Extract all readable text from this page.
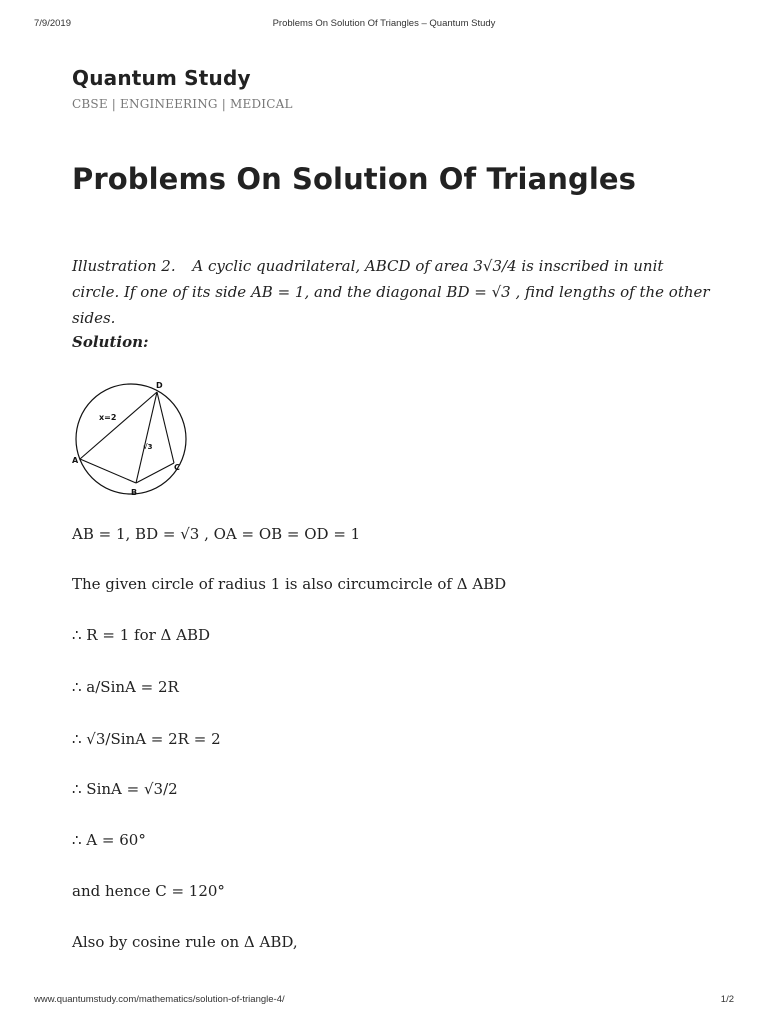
7/9/2019	Problems On Solution Of Triangles – Quantum Study
Quantum Study
CBSE | ENGINEERING | MEDICAL
Problems On Solution Of Triangles
Illustration 2. A cyclic quadrilateral, ABCD of area 3√3/4 is inscribed in unit circle. If one of its side AB = 1, and the diagonal BD = √3 , find lengths of the other sides.
Solution:
D
A
B
C
x=2
√3
AB = 1, BD = √3 , OA = OB = OD = 1
The given circle of radius 1 is also circumcircle of Δ ABD
∴ R = 1 for Δ ABD
∴ a/SinA = 2R
∴ √3/SinA = 2R = 2
∴ SinA = √3/2
∴ A = 60°
and hence C = 120°
Also by cosine rule on Δ ABD,
www.quantumstudy.com/mathematics/solution-of-triangle-4/	1/2
